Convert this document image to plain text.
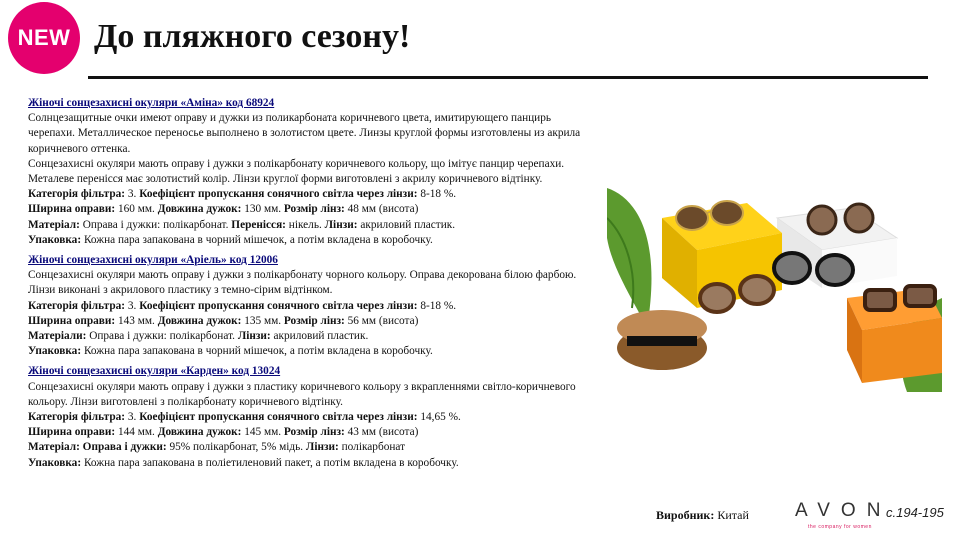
NEW До пляжного сезону!
Жіночі сонцезахисні окуляри «Аміна» код 68924
Солнцезащитные очки имеют оправу и дужки из поликарбоната коричневого цвета, имитирующего панцирь черепахи. Металлическое переносье выполнено в золотистом цвете. Линзы круглой формы изготовлены из акрила коричневого оттенка.
Сонцезахисні окуляри мають оправу і дужки з полікарбонату коричневого кольору, що імітує панцир черепахи. Металеве перенісся має золотистий колір. Лінзи круглої форми виготовлені з акрилу коричневого відтінку.
Категорія фільтра: 3. Коефіцієнт пропускання сонячного світла через лінзи: 8-18 %.
Ширина оправи: 160 мм. Довжина дужок: 130 мм. Розмір лінз: 48 мм (висота)
Матеріал: Оправа і дужки: полікарбонат. Перенісся: нікель. Лінзи: акриловий пластик.
Упаковка: Кожна пара запакована в чорний мішечок, а потім вкладена в коробочку.
Жіночі сонцезахисні окуляри «Аріель» код 12006
Сонцезахисні окуляри мають оправу і дужки з полікарбонату чорного кольору. Оправа декорована білою фарбою. Лінзи виконані з акрилового пластику з темно-сірим відтінком.
Категорія фільтра: 3. Коефіцієнт пропускання сонячного світла через лінзи: 8-18 %.
Ширина оправи: 143 мм. Довжина дужок: 135 мм. Розмір лінз: 56 мм (висота)
Матеріали: Оправа і дужки: полікарбонат. Лінзи: акриловий пластик.
Упаковка: Кожна пара запакована в чорний мішечок, а потім вкладена в коробочку.
Жіночі сонцезахисні окуляри «Карден» код 13024
Сонцезахисні окуляри мають оправу і дужки з пластику коричневого кольору з вкрапленнями світло-коричневого кольору. Лінзи виготовлені з полікарбонату коричневого відтінку.
Категорія фільтра: 3. Коефіцієнт пропускання сонячного світла через лінзи: 14,65 %.
Ширина оправи: 144 мм. Довжина дужок: 145 мм. Розмір лінз: 43 мм (висота)
Матеріал: Оправа і дужки: 95% полікарбонат, 5% мідь. Лінзи: полікарбонат
Упаковка: Кожна пара запакована в поліетиленовий пакет, а потім вкладена в коробочку.
Виробник: Китай AVON
the company for women
с.194-195
